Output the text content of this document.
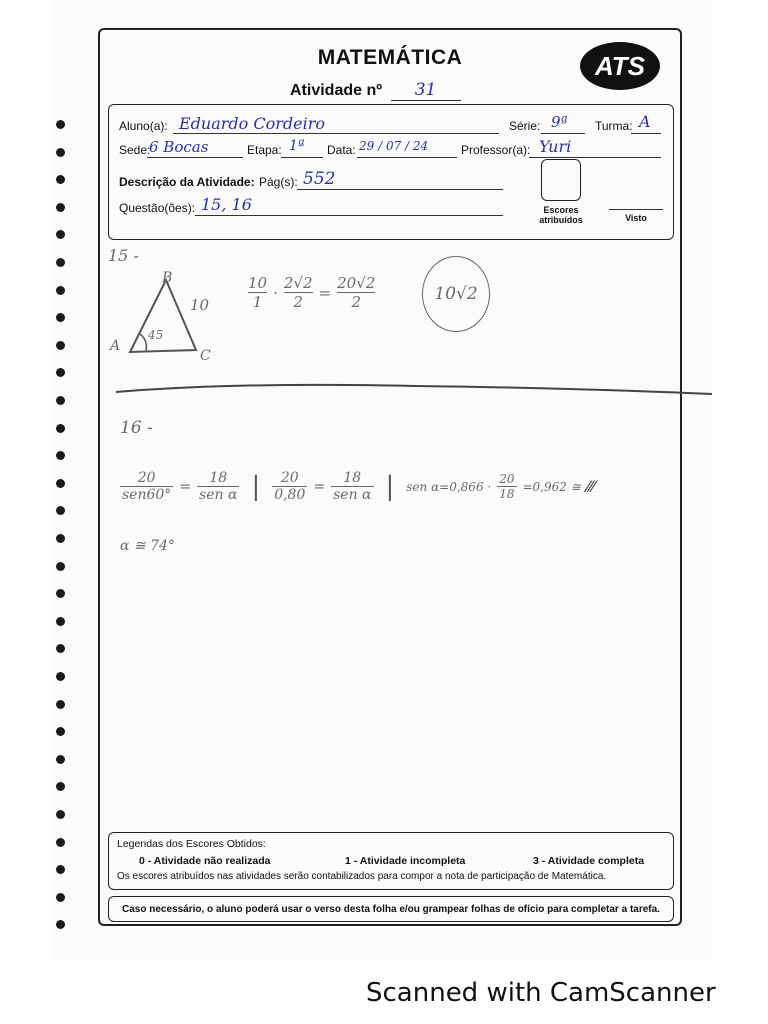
MATEMÁTICA
Atividade nº 31
ATS
Aluno(a): Eduardo Cordeiro	Série: 9ª Turma: A
Sede:
6 Bocas	Etapa: 1ª Data: 29 / 07 / 24	Professor(a): Yuri
Descrição da Atividade: Pág(s): 552
Questão(ões): 15, 16	Escores atribuídos	Visto
15 -
B
A
C
10
45
$\frac{10}{1} \cdot \frac{2√2}{2} = \frac{20√2}{2}$	10√2
16 -
20
sen60°
=
18
sen α | $\frac{20}{0,80}$ =
18
sen α | sen $\alpha=0,866 \cdot \frac{20}{18} =0,962$ ≅ ⁄⁄⁄
α ≅ 74°
Legendas dos Escores Obtidos:
0 - Atividade não realizada	1 - Atividade incompleta	3 - Atividade completa
Os escores atribuídos nas atividades serão contabilizados para compor a nota de participação de Matemática.
Caso necessário, o aluno poderá usar o verso desta folha e/ou grampear folhas de ofício para completar a tarefa.
Scanned with CamScanner
